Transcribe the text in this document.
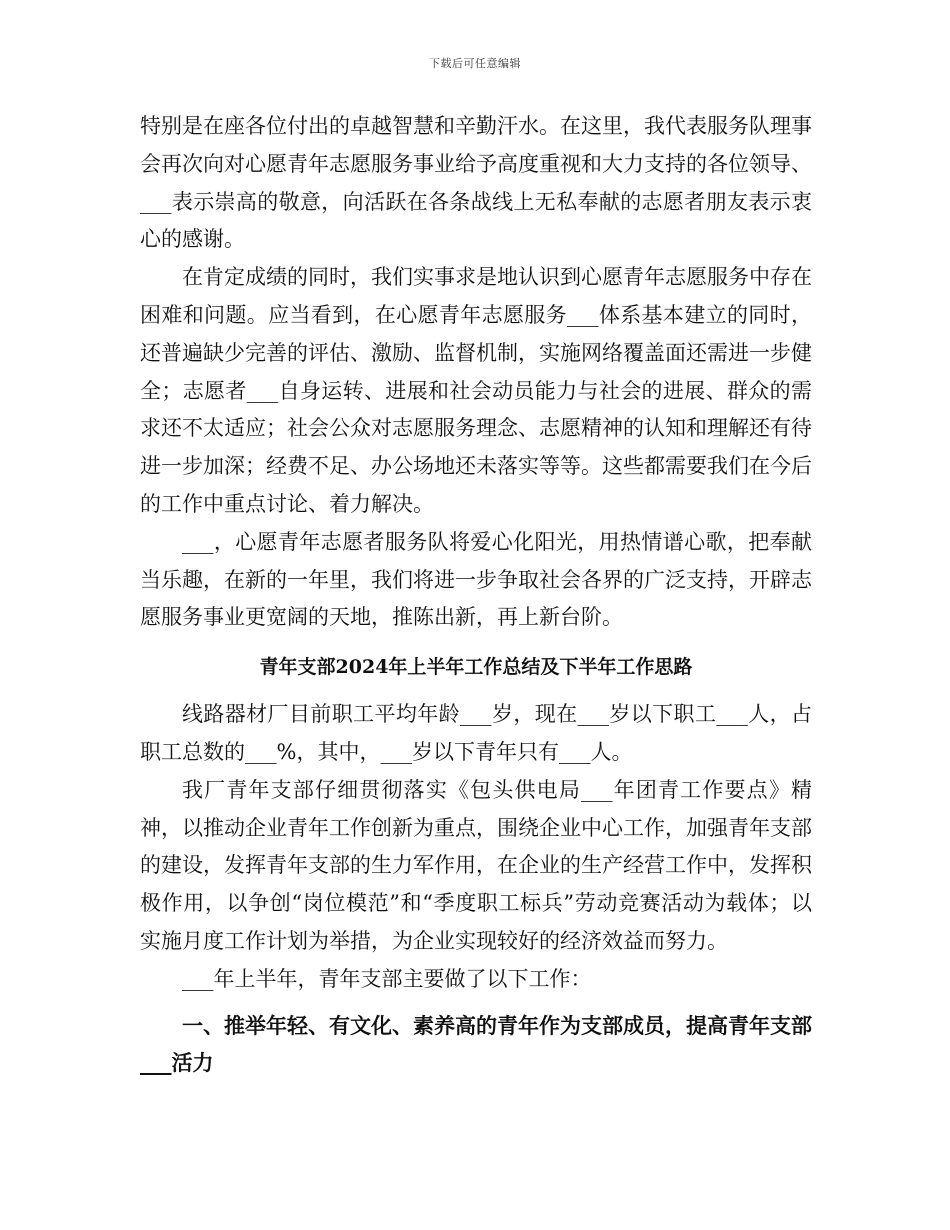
下载后可任意编辑

特别是在座各位付出的卓越智慧和辛勤汗水。在这里，我代表服务队理事会再次向对心愿青年志愿服务事业给予高度重视和大力支持的各位领导、___表示崇高的敬意，向活跃在各条战线上无私奉献的志愿者朋友表示衷心的感谢。

在肯定成绩的同时，我们实事求是地认识到心愿青年志愿服务中存在困难和问题。应当看到，在心愿青年志愿服务___体系基本建立的同时，还普遍缺少完善的评估、激励、监督机制，实施网络覆盖面还需进一步健全；志愿者___自身运转、进展和社会动员能力与社会的进展、群众的需求还不太适应；社会公众对志愿服务理念、志愿精神的认知和理解还有待进一步加深；经费不足、办公场地还未落实等等。这些都需要我们在今后的工作中重点讨论、着力解决。

___，心愿青年志愿者服务队将爱心化阳光，用热情谱心歌，把奉献当乐趣，在新的一年里，我们将进一步争取社会各界的广泛支持，开辟志愿服务事业更宽阔的天地，推陈出新，再上新台阶。

青年支部2024年上半年工作总结及下半年工作思路

线路器材厂目前职工平均年龄___岁，现在___岁以下职工___人，占职工总数的___%，其中，___岁以下青年只有___人。

我厂青年支部仔细贯彻落实《包头供电局___年团青工作要点》精神，以推动企业青年工作创新为重点，围绕企业中心工作，加强青年支部的建设，发挥青年支部的生力军作用，在企业的生产经营工作中，发挥积极作用，以争创“岗位模范”和“季度职工标兵”劳动竞赛活动为载体；以实施月度工作计划为举措，为企业实现较好的经济效益而努力。

___年上半年，青年支部主要做了以下工作：

一、推举年轻、有文化、素养高的青年作为支部成员，提高青年支部___活力
